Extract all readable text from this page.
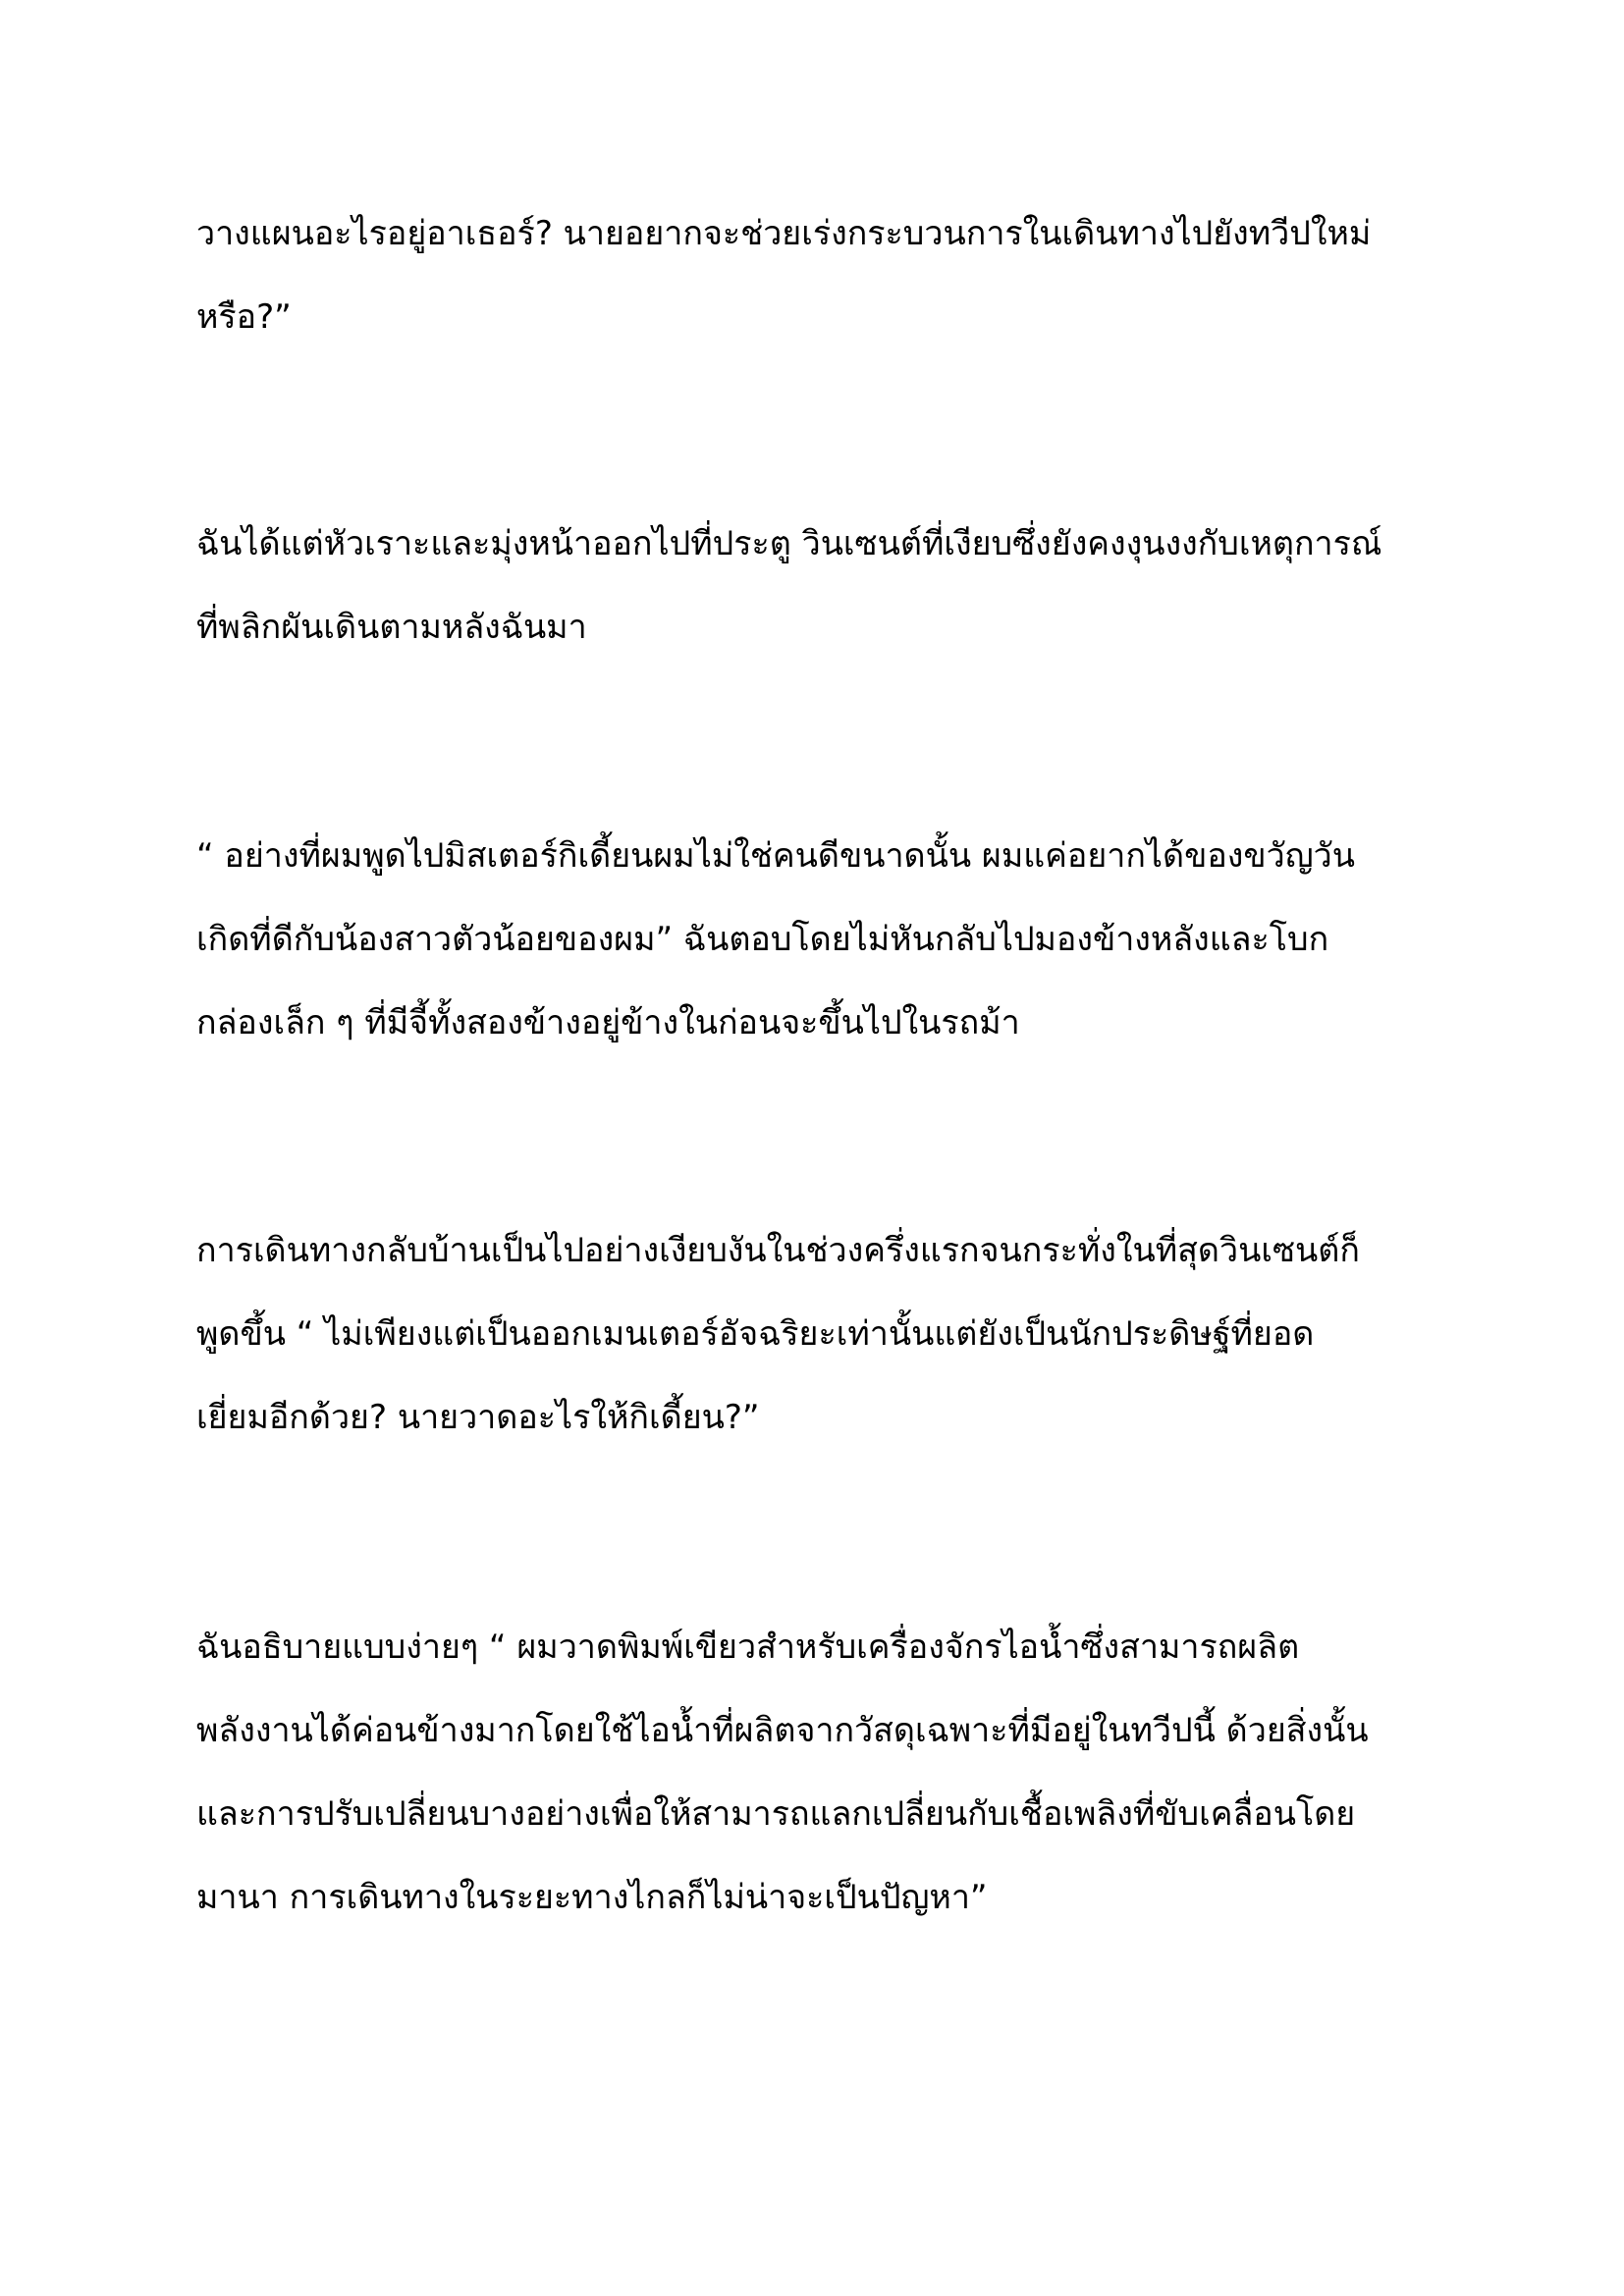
วางแผนอะไรอยู่อาเธอร์? นายอยากจะช่วยเร่งกระบวนการในเดินทางไปยังทวีปใหม่
หรือ?”
ฉันได้แต่หัวเราะและมุ่งหน้าออกไปที่ประตู วินเซนต์ที่เงียบซึ่งยังคงงุนงงกับเหตุการณ์
ที่พลิกผันเดินตามหลังฉันมา
“ อย่างที่ผมพูดไปมิสเตอร์กิเดี้ยนผมไม่ใช่คนดีขนาดนั้น ผมแค่อยากได้ของขวัญวัน
เกิดที่ดีกับน้องสาวตัวน้อยของผม” ฉันตอบโดยไม่หันกลับไปมองข้างหลังและโบก
กล่องเล็ก ๆ ที่มีจี้ทั้งสองข้างอยู่ข้างในก่อนจะขึ้นไปในรถม้า
การเดินทางกลับบ้านเป็นไปอย่างเงียบงันในช่วงครึ่งแรกจนกระทั่งในที่สุดวินเซนต์ก็
พูดขึ้น “ ไม่เพียงแต่เป็นออกเมนเตอร์อัจฉริยะเท่านั้นแต่ยังเป็นนักประดิษฐ์ที่ยอด
เยี่ยมอีกด้วย? นายวาดอะไรให้กิเดี้ยน?”
ฉันอธิบายแบบง่ายๆ “ ผมวาดพิมพ์เขียวสำหรับเครื่องจักรไอน้ำซึ่งสามารถผลิต
พลังงานได้ค่อนข้างมากโดยใช้ไอน้ำที่ผลิตจากวัสดุเฉพาะที่มีอยู่ในทวีปนี้ ด้วยสิ่งนั้น
และการปรับเปลี่ยนบางอย่างเพื่อให้สามารถแลกเปลี่ยนกับเชื้อเพลิงที่ขับเคลื่อนโดย
มานา การเดินทางในระยะทางไกลก็ไม่น่าจะเป็นปัญหา”
